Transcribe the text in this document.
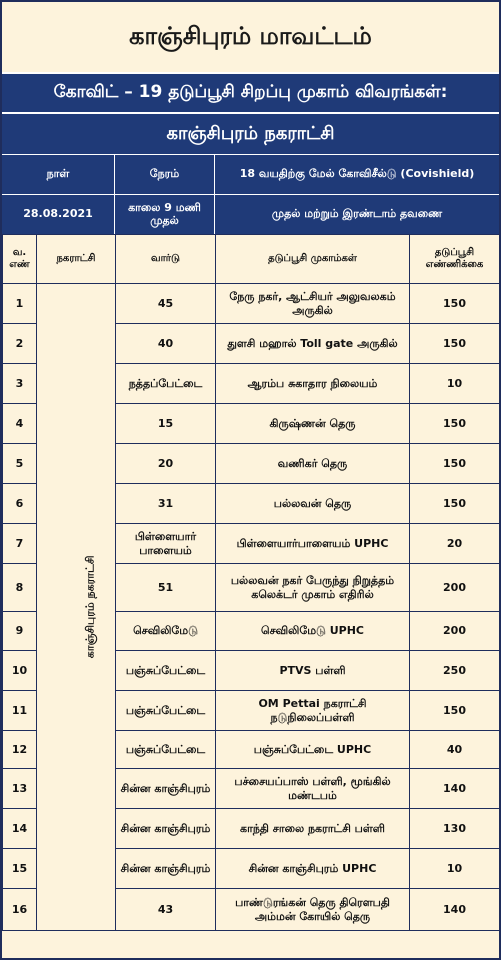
காஞ்சிபுரம் மாவட்டம்
கோவிட் – 19 தடுப்பூசி சிறப்பு முகாம் விவரங்கள்:
காஞ்சிபுரம் நகராட்சி
நாள்	நேரம்	18 வயதிற்கு மேல் கோவிசீல்டு (Covishield)
28.08.2021	காலை 9 மணி முதல்	முதல் மற்றும் இரண்டாம் தவணை
வ. எண்	நகராட்சி	வார்டு	தடுப்பூசி முகாம்கள்	தடுப்பூசி எண்ணிக்கை
1	காஞ்சிபுரம் நகராட்சி	45	நேரு நகர், ஆட்சியர் அலுவலகம் அருகில்	150
2		40	துளசி மஹால் Toll gate அருகில்	150
3		நத்தப்பேட்டை	ஆரம்ப சுகாதார நிலையம்	10
4		15	கிருஷ்ணன் தெரு	150
5		20	வணிகர் தெரு	150
6		31	பல்லவன் தெரு	150
7		பிள்ளையார் பாளையம்	பிள்ளையார்பாளையம் UPHC	20
8		51	பல்லவன் நகர் பேருந்து நிறுத்தம் கலெக்டர் முகாம் எதிரில்	200
9		செவிலிமேடு	செவிலிமேடு UPHC	200
10		பஞ்சுப்பேட்டை	PTVS பள்ளி	250
11		பஞ்சுப்பேட்டை	OM Pettai நகராட்சி நடுநிலைப்பள்ளி	150
12		பஞ்சுப்பேட்டை	பஞ்சுப்பேட்டை UPHC	40
13		சின்ன காஞ்சிபுரம்	பச்சையப்பாஸ் பள்ளி, மூங்கில் மண்டபம்	140
14		சின்ன காஞ்சிபுரம்	காந்தி சாலை நகராட்சி பள்ளி	130
15		சின்ன காஞ்சிபுரம்	சின்ன காஞ்சிபுரம் UPHC	10
16		43	பாண்டுரங்கன் தெரு திரௌபதி அம்மன் கோயில் தெரு	140
